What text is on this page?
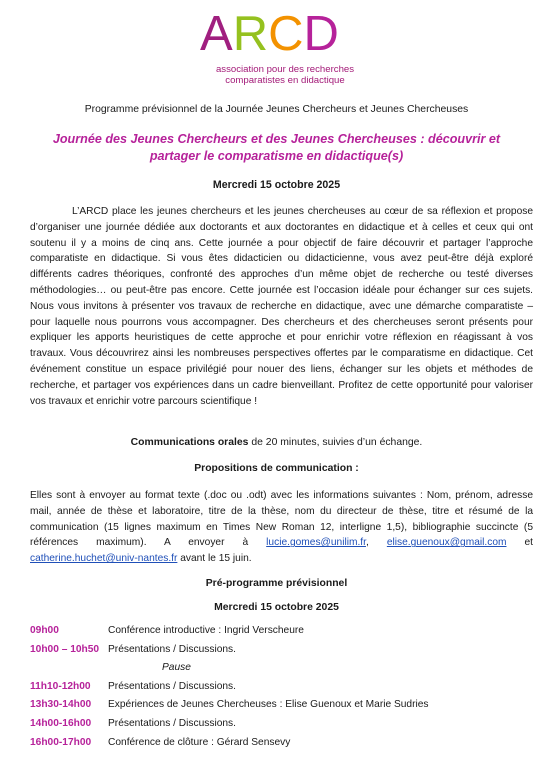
ARCD
association pour des recherches
comparatistes en didactique
Programme prévisionnel de la Journée Jeunes Chercheurs et Jeunes Chercheuses
Journée des Jeunes Chercheurs et des Jeunes Chercheuses : découvrir et partager le comparatisme en didactique(s)
Mercredi 15 octobre 2025
L’ARCD place les jeunes chercheurs et les jeunes chercheuses au cœur de sa réflexion et propose d’organiser une journée dédiée aux doctorants et aux doctorantes en didactique et à celles et ceux qui ont soutenu il y a moins de cinq ans. Cette journée a pour objectif de faire découvrir et partager l’approche comparatiste en didactique. Si vous êtes didacticien ou didacticienne, vous avez peut-être déjà exploré différents cadres théoriques, confronté des approches d’un même objet de recherche ou testé diverses méthodologies… ou peut-être pas encore. Cette journée est l’occasion idéale pour échanger sur ces sujets. Nous vous invitons à présenter vos travaux de recherche en didactique, avec une démarche comparatiste – pour laquelle nous pourrons vous accompagner. Des chercheurs et des chercheuses seront présents pour expliquer les apports heuristiques de cette approche et pour enrichir votre réflexion en réagissant à vos travaux. Vous découvrirez ainsi les nombreuses perspectives offertes par le comparatisme en didactique. Cet événement constitue un espace privilégié pour nouer des liens, échanger sur les objets et méthodes de recherche, et partager vos expériences dans un cadre bienveillant. Profitez de cette opportunité pour valoriser vos travaux et enrichir votre parcours scientifique !
Communications orales de 20 minutes, suivies d’un échange.
Propositions de communication :
Elles sont à envoyer au format texte (.doc ou .odt) avec les informations suivantes : Nom, prénom, adresse mail, année de thèse et laboratoire, titre de la thèse, nom du directeur de thèse, titre et résumé de la communication (15 lignes maximum en Times New Roman 12, interligne 1,5), bibliographie succincte (5 références maximum). A envoyer à lucie.gomes@unilim.fr, elise.guenoux@gmail.com et catherine.huchet@univ-nantes.fr avant le 15 juin.
Pré-programme prévisionnel
Mercredi 15 octobre 2025
09h00	Conférence introductive : Ingrid Verscheure
10h00 – 10h50 Présentations / Discussions.
Pause
11h10-12h00 Présentations / Discussions.
13h30-14h00 Expériences de Jeunes Chercheuses : Elise Guenoux et Marie Sudries
14h00-16h00 Présentations / Discussions.
16h00-17h00 Conférence de clôture : Gérard Sensevy
